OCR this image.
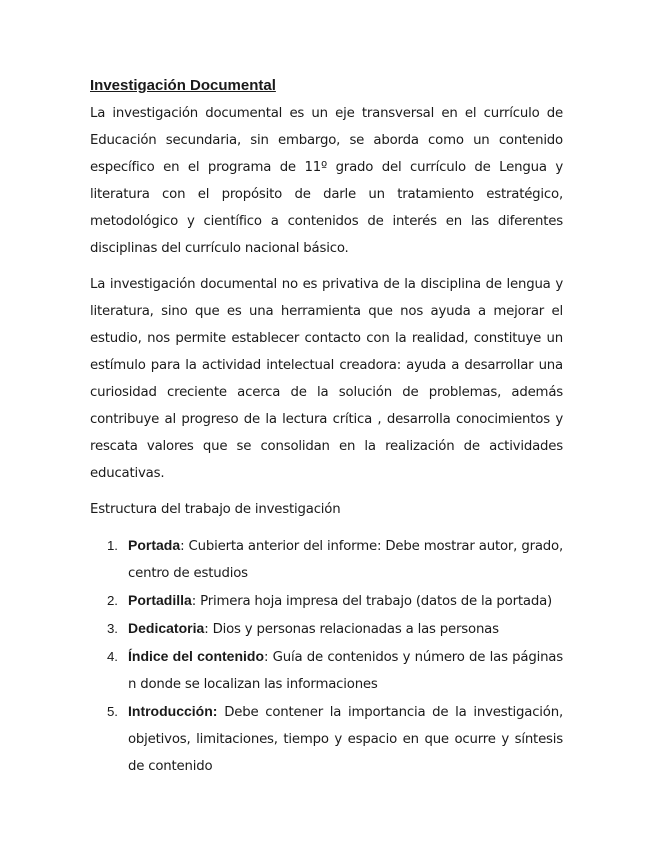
Investigación Documental

La investigación documental es un eje transversal en el currículo de Educación secundaria, sin embargo, se aborda como un contenido específico en el programa de 11º grado del currículo de Lengua y literatura con el propósito de darle un tratamiento estratégico, metodológico y científico a contenidos de interés en las diferentes disciplinas del currículo nacional básico.

La investigación documental no es privativa de la disciplina de lengua y literatura, sino que es una herramienta que nos ayuda a mejorar el estudio, nos permite establecer contacto con la realidad, constituye un estímulo para la actividad intelectual creadora: ayuda a desarrollar una curiosidad creciente acerca de la solución de problemas, además contribuye al progreso de la lectura crítica , desarrolla conocimientos y rescata valores que se consolidan en la realización de actividades educativas.

Estructura del trabajo de investigación
1. Portada: Cubierta anterior del informe: Debe mostrar autor, grado, centro de estudios
2. Portadilla: Primera hoja impresa del trabajo (datos de la portada)
3. Dedicatoria: Dios y personas relacionadas a las personas
4. Índice del contenido: Guía de contenidos y número de las páginas n donde se localizan las informaciones
5. Introducción: Debe contener la importancia de la investigación, objetivos, limitaciones, tiempo y espacio en que ocurre y síntesis de contenido
